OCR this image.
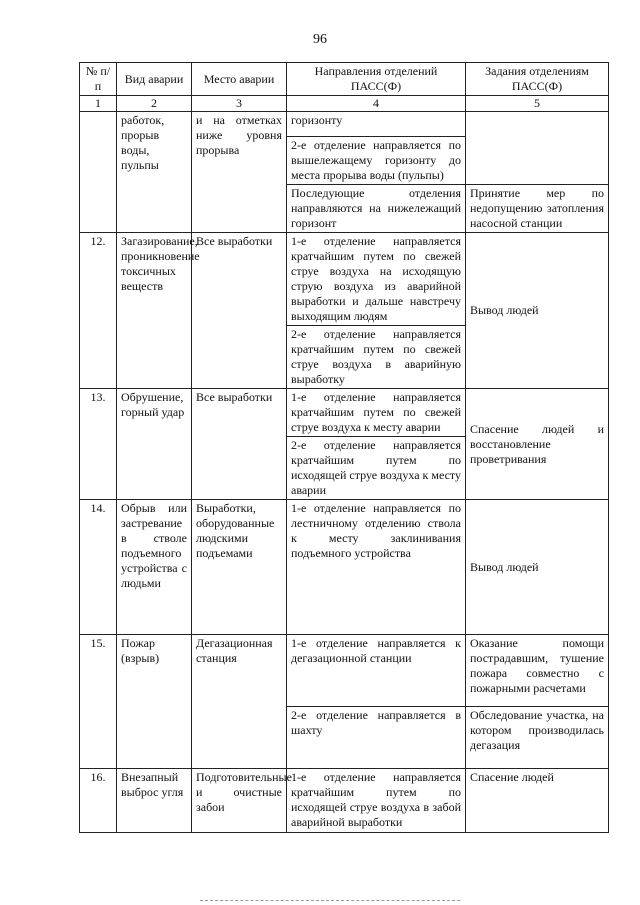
96
№ п/п	Вид аварии	Место аварии	Направления отделений ПАСС(Ф)	Задания отделениям ПАСС(Ф)
1	2	3	4	5
	работок, прорыв воды, пульпы	и на отметках ниже уровня прорыва	горизонту	
			2-е отделение направляется по вышележащему горизонту до места прорыва воды (пульпы)	
			Последующие отделения направляются на нижележащий горизонт	Принятие мер по недопущению затопления насосной станции
12.	Загазирование, проникновение токсичных веществ	Все выработки	1-е отделение направляется кратчайшим путем по свежей струе воздуха на исходящую струю воздуха из аварийной выработки и дальше навстречу выходящим людям	Вывод людей
			2-е отделение направляется кратчайшим путем по свежей струе воздуха в аварийную выработку	
13.	Обрушение, горный удар	Все выработки	1-е отделение направляется кратчайшим путем по свежей струе воздуха к месту аварии	Спасение людей и восстановление проветривания
			2-е отделение направляется кратчайшим путем по исходящей струе воздуха к месту аварии	
14.	Обрыв или застревание в стволе подъемного устройства с людьми	Выработки, оборудованные людскими подъемами	1-е отделение направляется по лестничному отделению ствола к месту заклинивания подъемного устройства	Вывод людей
15.	Пожар (взрыв)	Дегазационная станция	1-е отделение направляется к дегазационной станции	Оказание помощи пострадавшим, тушение пожара совместно с пожарными расчетами
			2-е отделение направляется в шахту	Обследование участка, на котором производилась дегазация
16.	Внезапный выброс угля	Подготовительные и очистные забои	1-е отделение направляется кратчайшим путем по исходящей струе воздуха в забой аварийной выработки	Спасение людей
